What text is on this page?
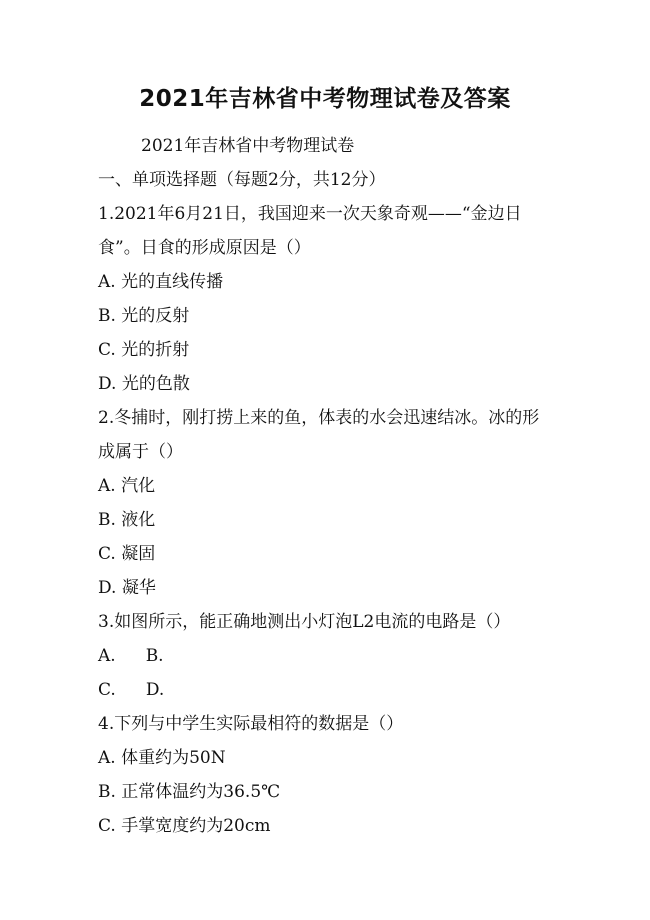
2021年吉林省中考物理试卷及答案
2021年吉林省中考物理试卷
一、单项选择题（每题2分，共12分）
1.2021年6月21日，我国迎来一次天象奇观——“金边日
食”。日食的形成原因是（）
A. 光的直线传播
B. 光的反射
C. 光的折射
D. 光的色散
2.冬捕时，刚打捞上来的鱼，体表的水会迅速结冰。冰的形
成属于（）
A. 汽化
B. 液化
C. 凝固
D. 凝华
3.如图所示，能正确地测出小灯泡L2电流的电路是（）
A. B.
C. D.
4.下列与中学生实际最相符的数据是（）
A. 体重约为50N
B. 正常体温约为36.5℃
C. 手掌宽度约为20cm
